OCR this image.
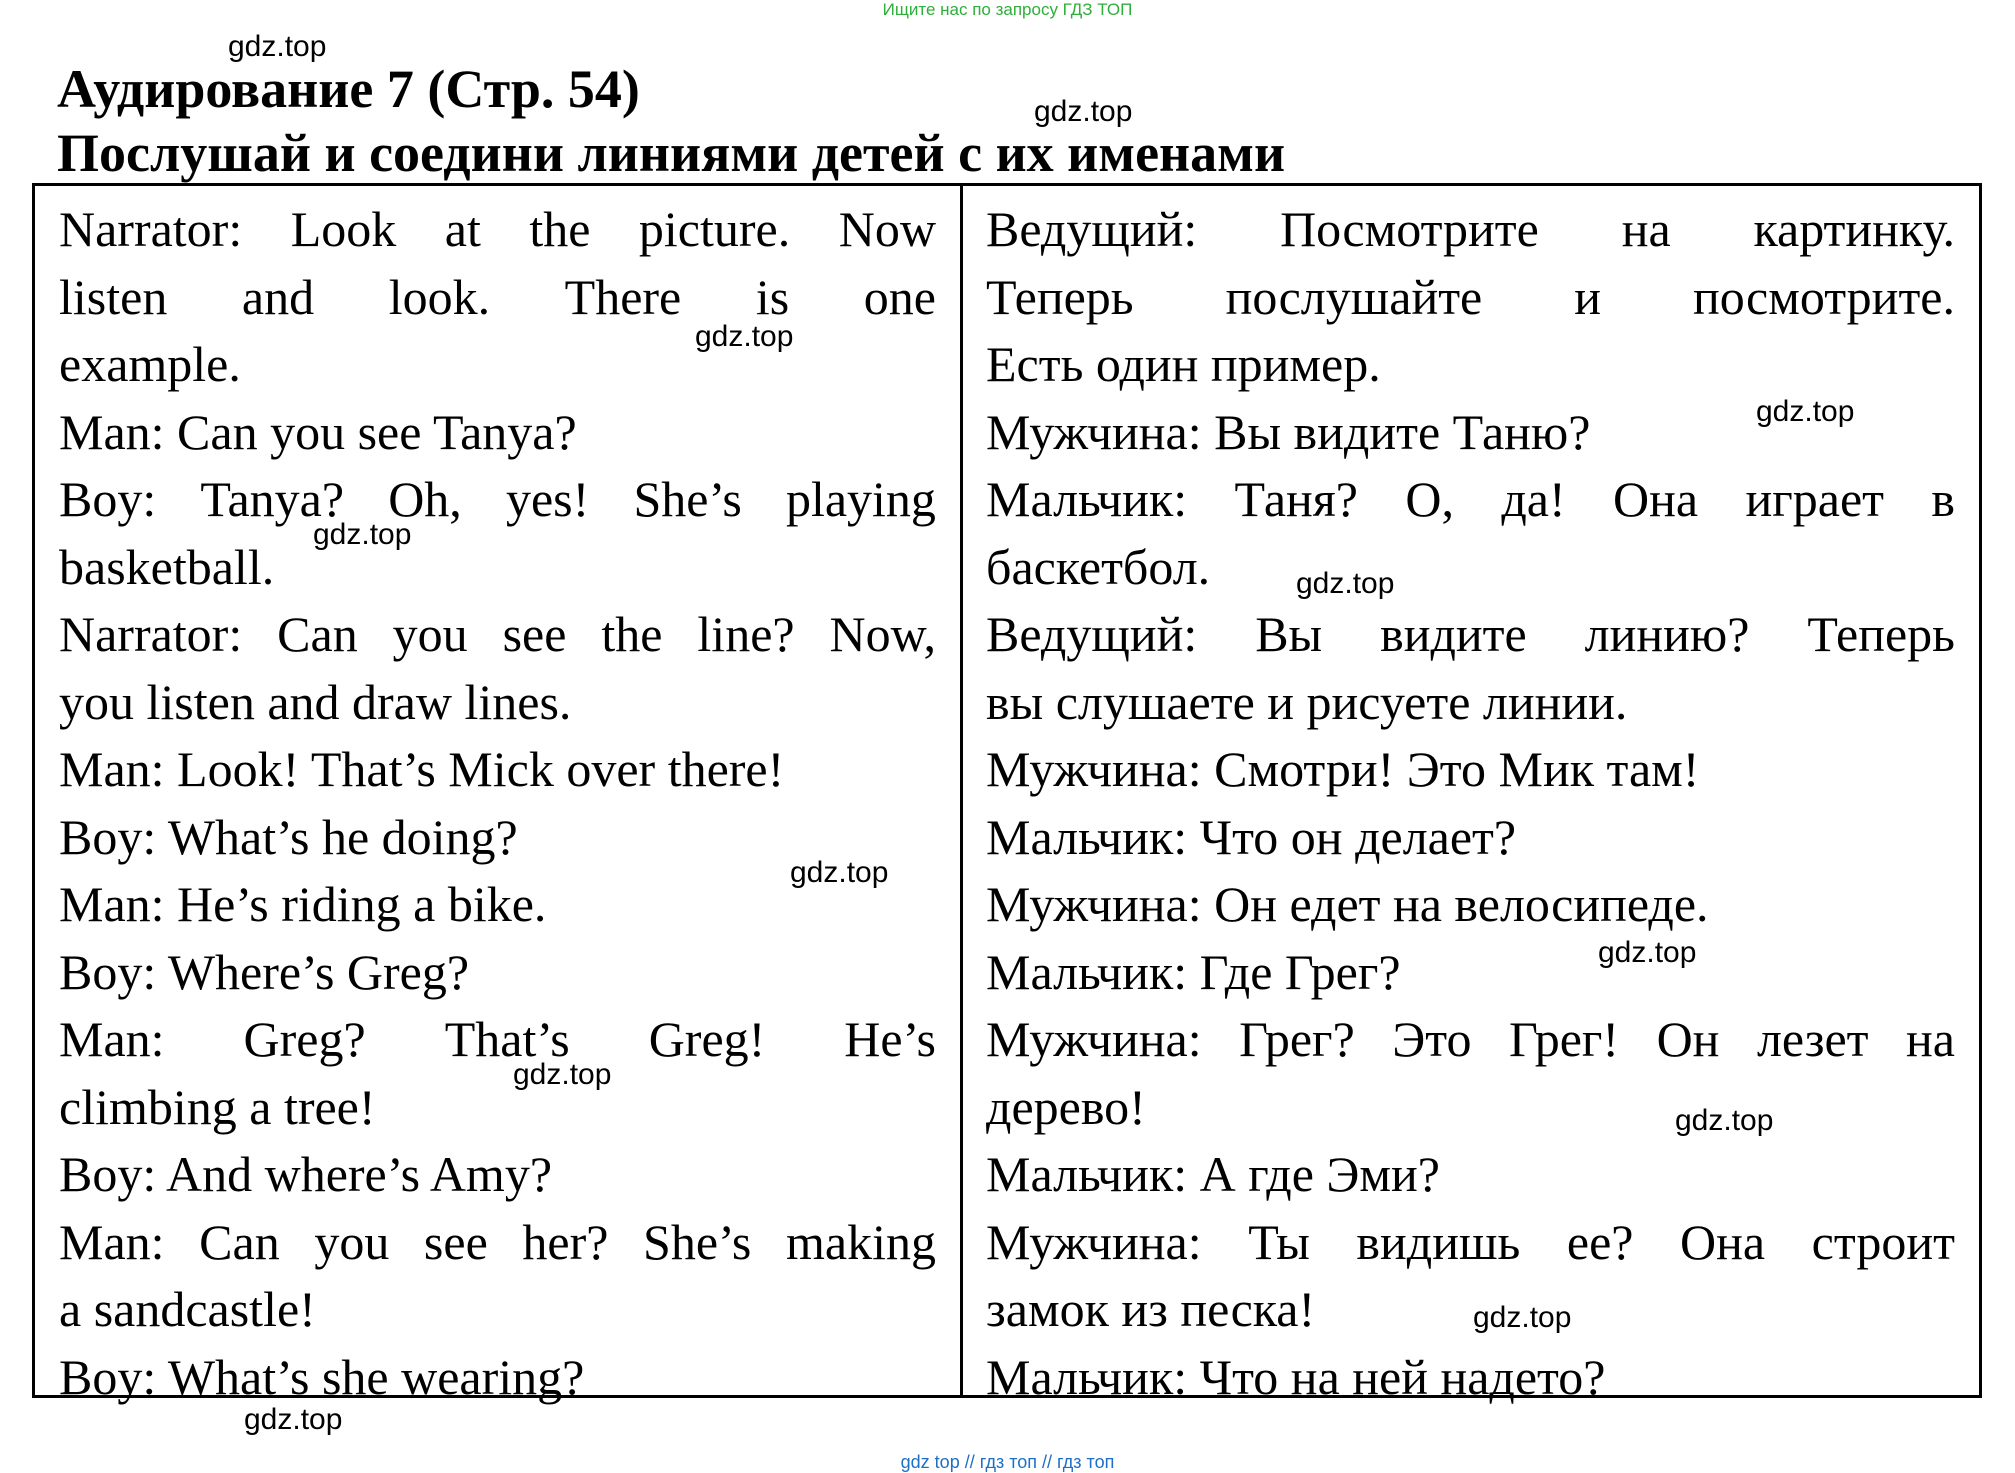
Ищите нас по запросу ГДЗ ТОП
Аудирование 7 (Стр. 54)
Послушай и соедини линиями детей с их именами
Narrator: Look at the picture. Now
listen and look. There is one
example.
Man: Can you see Tanya?
Boy: Tanya? Oh, yes! She’s playing
basketball.
Narrator: Can you see the line? Now,
you listen and draw lines.
Man: Look! That’s Mick over there!
Boy: What’s he doing?
Man: He’s riding a bike.
Boy: Where’s Greg?
Man: Greg? That’s Greg! He’s
climbing a tree!
Boy: And where’s Amy?
Man: Can you see her? She’s making
a sandcastle!
Boy: What’s she wearing?
Ведущий: Посмотрите на картинку.
Теперь послушайте и посмотрите.
Есть один пример.
Мужчина: Вы видите Таню?
Мальчик: Таня? О, да! Она играет в
баскетбол.
Ведущий: Вы видите линию? Теперь
вы слушаете и рисуете линии.
Мужчина: Смотри! Это Мик там!
Мальчик: Что он делает?
Мужчина: Он едет на велосипеде.
Мальчик: Где Грег?
Мужчина: Грег? Это Грег! Он лезет на
дерево!
Мальчик: А где Эми?
Мужчина: Ты видишь ее? Она строит
замок из песка!
Мальчик: Что на ней надето?
gdz.top
gdz.top
gdz.top
gdz.top
gdz.top
gdz.top
gdz.top
gdz.top
gdz.top
gdz.top
gdz.top
gdz.top
gdz top // гдз топ // гдз топ
